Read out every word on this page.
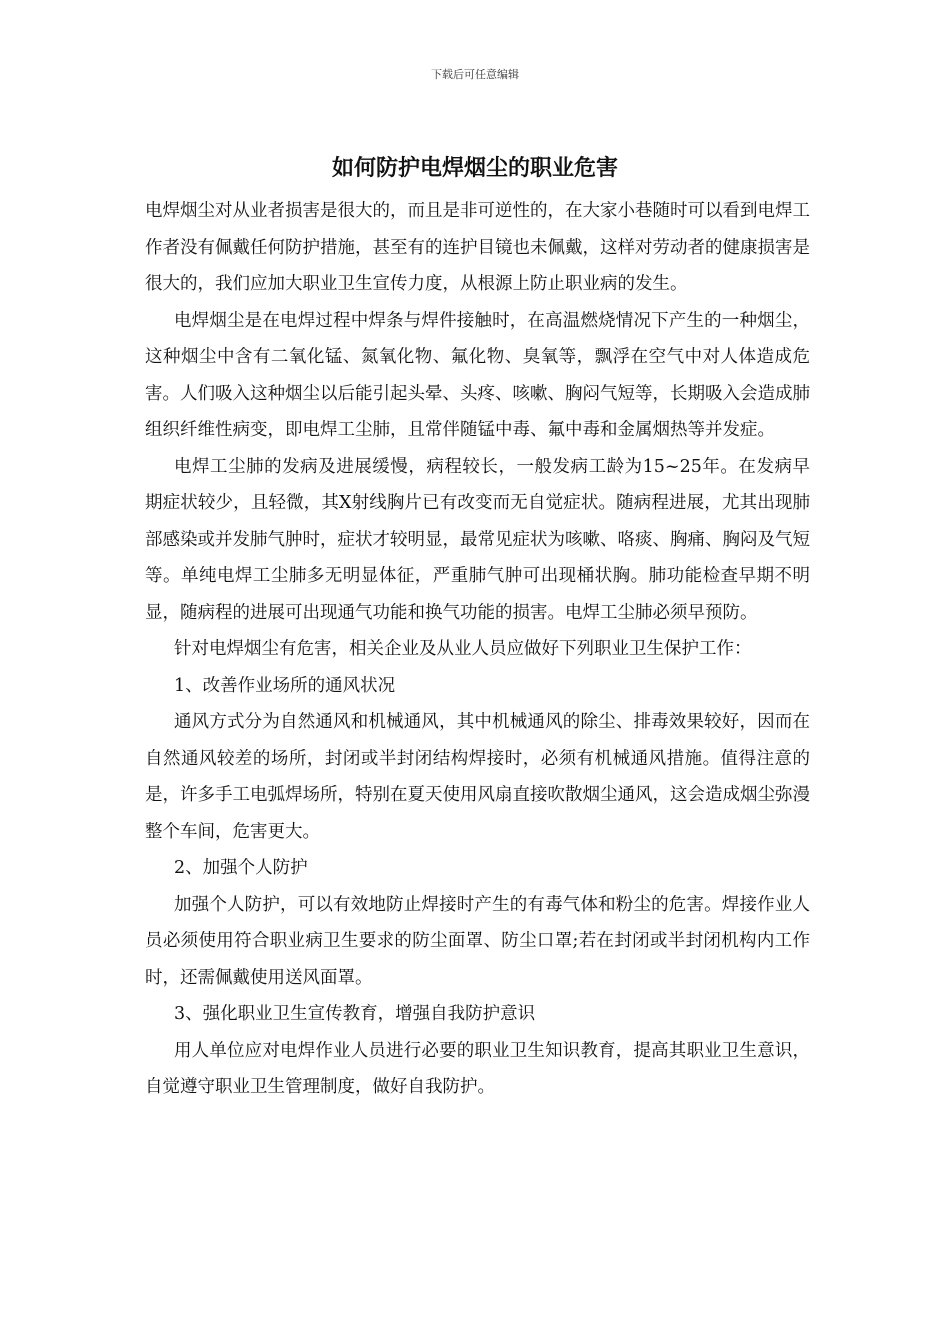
下载后可任意编辑
如何防护电焊烟尘的职业危害

电焊烟尘对从业者损害是很大的，而且是非可逆性的，在大家小巷随时可以看到电焊工作者没有佩戴任何防护措施，甚至有的连护目镜也未佩戴，这样对劳动者的健康损害是很大的，我们应加大职业卫生宣传力度，从根源上防止职业病的发生。

电焊烟尘是在电焊过程中焊条与焊件接触时，在高温燃烧情况下产生的一种烟尘，这种烟尘中含有二氧化锰、氮氧化物、氟化物、臭氧等，飘浮在空气中对人体造成危害。人们吸入这种烟尘以后能引起头晕、头疼、咳嗽、胸闷气短等，长期吸入会造成肺组织纤维性病变，即电焊工尘肺，且常伴随锰中毒、氟中毒和金属烟热等并发症。

电焊工尘肺的发病及进展缓慢，病程较长，一般发病工龄为15~25年。在发病早期症状较少，且轻微，其X射线胸片已有改变而无自觉症状。随病程进展，尤其出现肺部感染或并发肺气肿时，症状才较明显，最常见症状为咳嗽、咯痰、胸痛、胸闷及气短等。单纯电焊工尘肺多无明显体征，严重肺气肿可出现桶状胸。肺功能检查早期不明显，随病程的进展可出现通气功能和换气功能的损害。电焊工尘肺必须早预防。

针对电焊烟尘有危害，相关企业及从业人员应做好下列职业卫生保护工作：

1、改善作业场所的通风状况

通风方式分为自然通风和机械通风，其中机械通风的除尘、排毒效果较好，因而在自然通风较差的场所，封闭或半封闭结构焊接时，必须有机械通风措施。值得注意的是，许多手工电弧焊场所，特别在夏天使用风扇直接吹散烟尘通风，这会造成烟尘弥漫整个车间，危害更大。

2、加强个人防护

加强个人防护，可以有效地防止焊接时产生的有毒气体和粉尘的危害。焊接作业人员必须使用符合职业病卫生要求的防尘面罩、防尘口罩;若在封闭或半封闭机构内工作时，还需佩戴使用送风面罩。

3、强化职业卫生宣传教育，增强自我防护意识

用人单位应对电焊作业人员进行必要的职业卫生知识教育，提高其职业卫生意识，自觉遵守职业卫生管理制度，做好自我防护。
